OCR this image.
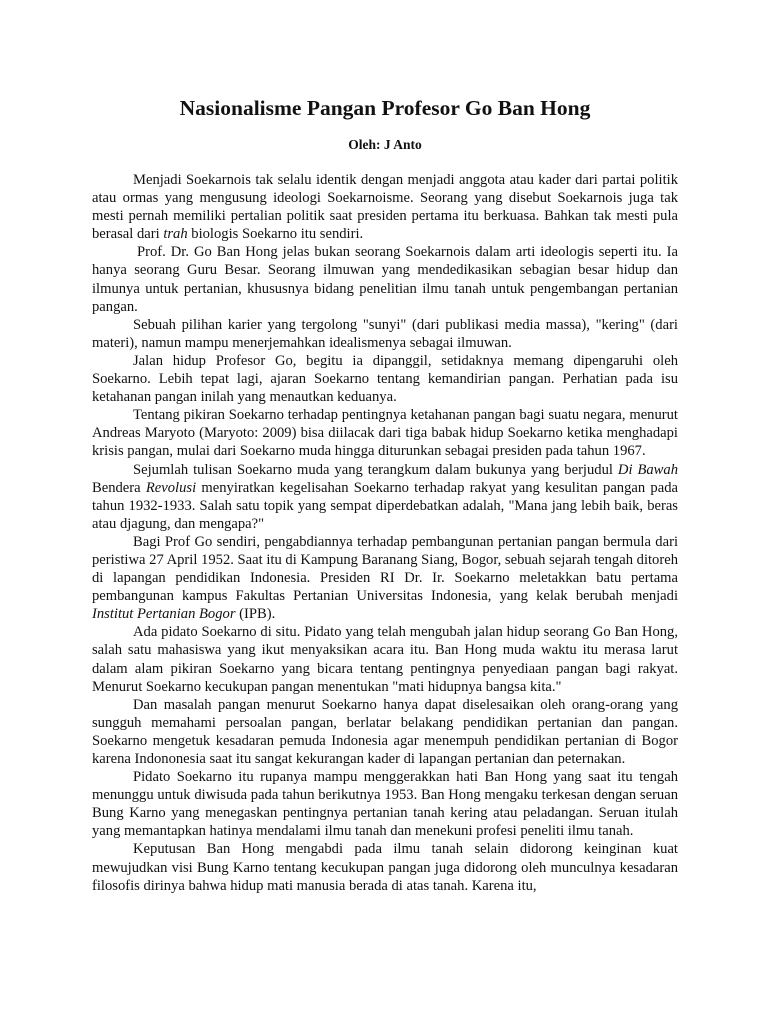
Nasionalisme Pangan Profesor Go Ban Hong
Oleh: J Anto

Menjadi Soekarnois tak selalu identik dengan menjadi anggota atau kader dari partai politik atau ormas yang mengusung ideologi Soekarnoisme. Seorang yang disebut Soekarnois juga tak mesti pernah memiliki pertalian politik saat presiden pertama itu berkuasa. Bahkan tak mesti pula berasal dari trah biologis Soekarno itu sendiri.

Prof. Dr. Go Ban Hong jelas bukan seorang Soekarnois dalam arti ideologis seperti itu. Ia hanya seorang Guru Besar. Seorang ilmuwan yang mendedikasikan sebagian besar hidup dan ilmunya untuk pertanian, khususnya bidang penelitian ilmu tanah untuk pengembangan pertanian pangan.

Sebuah pilihan karier yang tergolong "sunyi" (dari publikasi media massa), "kering" (dari materi), namun mampu menerjemahkan idealismenya sebagai ilmuwan.

Jalan hidup Profesor Go, begitu ia dipanggil, setidaknya memang dipengaruhi oleh Soekarno. Lebih tepat lagi, ajaran Soekarno tentang kemandirian pangan. Perhatian pada isu ketahanan pangan inilah yang menautkan keduanya.

Tentang pikiran Soekarno terhadap pentingnya ketahanan pangan bagi suatu negara, menurut Andreas Maryoto (Maryoto: 2009) bisa diilacak dari tiga babak hidup Soekarno ketika menghadapi krisis pangan, mulai dari Soekarno muda hingga diturunkan sebagai presiden pada tahun 1967.

Sejumlah tulisan Soekarno muda yang terangkum dalam bukunya yang berjudul Di Bawah Bendera Revolusi menyiratkan kegelisahan Soekarno terhadap rakyat yang kesulitan pangan pada tahun 1932-1933. Salah satu topik yang sempat diperdebatkan adalah, "Mana jang lebih baik, beras atau djagung, dan mengapa?"

Bagi Prof Go sendiri, pengabdiannya terhadap pembangunan pertanian pangan bermula dari peristiwa 27 April 1952. Saat itu di Kampung Baranang Siang, Bogor, sebuah sejarah tengah ditoreh di lapangan pendidikan Indonesia. Presiden RI Dr. Ir. Soekarno meletakkan batu pertama pembangunan kampus Fakultas Pertanian Universitas Indonesia, yang kelak berubah menjadi Institut Pertanian Bogor (IPB).

Ada pidato Soekarno di situ. Pidato yang telah mengubah jalan hidup seorang Go Ban Hong, salah satu mahasiswa yang ikut menyaksikan acara itu. Ban Hong muda waktu itu merasa larut dalam alam pikiran Soekarno yang bicara tentang pentingnya penyediaan pangan bagi rakyat. Menurut Soekarno kecukupan pangan menentukan "mati hidupnya bangsa kita."

Dan masalah pangan menurut Soekarno hanya dapat diselesaikan oleh orang-orang yang sungguh memahami persoalan pangan, berlatar belakang pendidikan pertanian dan pangan. Soekarno mengetuk kesadaran pemuda Indonesia agar menempuh pendidikan pertanian di Bogor karena Indononesia saat itu sangat kekurangan kader di lapangan pertanian dan peternakan.

Pidato Soekarno itu rupanya mampu menggerakkan hati Ban Hong yang saat itu tengah menunggu untuk diwisuda pada tahun berikutnya 1953. Ban Hong mengaku terkesan dengan seruan Bung Karno yang menegaskan pentingnya pertanian tanah kering atau peladangan. Seruan itulah yang memantapkan hatinya mendalami ilmu tanah dan menekuni profesi peneliti ilmu tanah.

Keputusan Ban Hong mengabdi pada ilmu tanah selain didorong keinginan kuat mewujudkan visi Bung Karno tentang kecukupan pangan juga didorong oleh munculnya kesadaran filosofis dirinya bahwa hidup mati manusia berada di atas tanah. Karena itu,
